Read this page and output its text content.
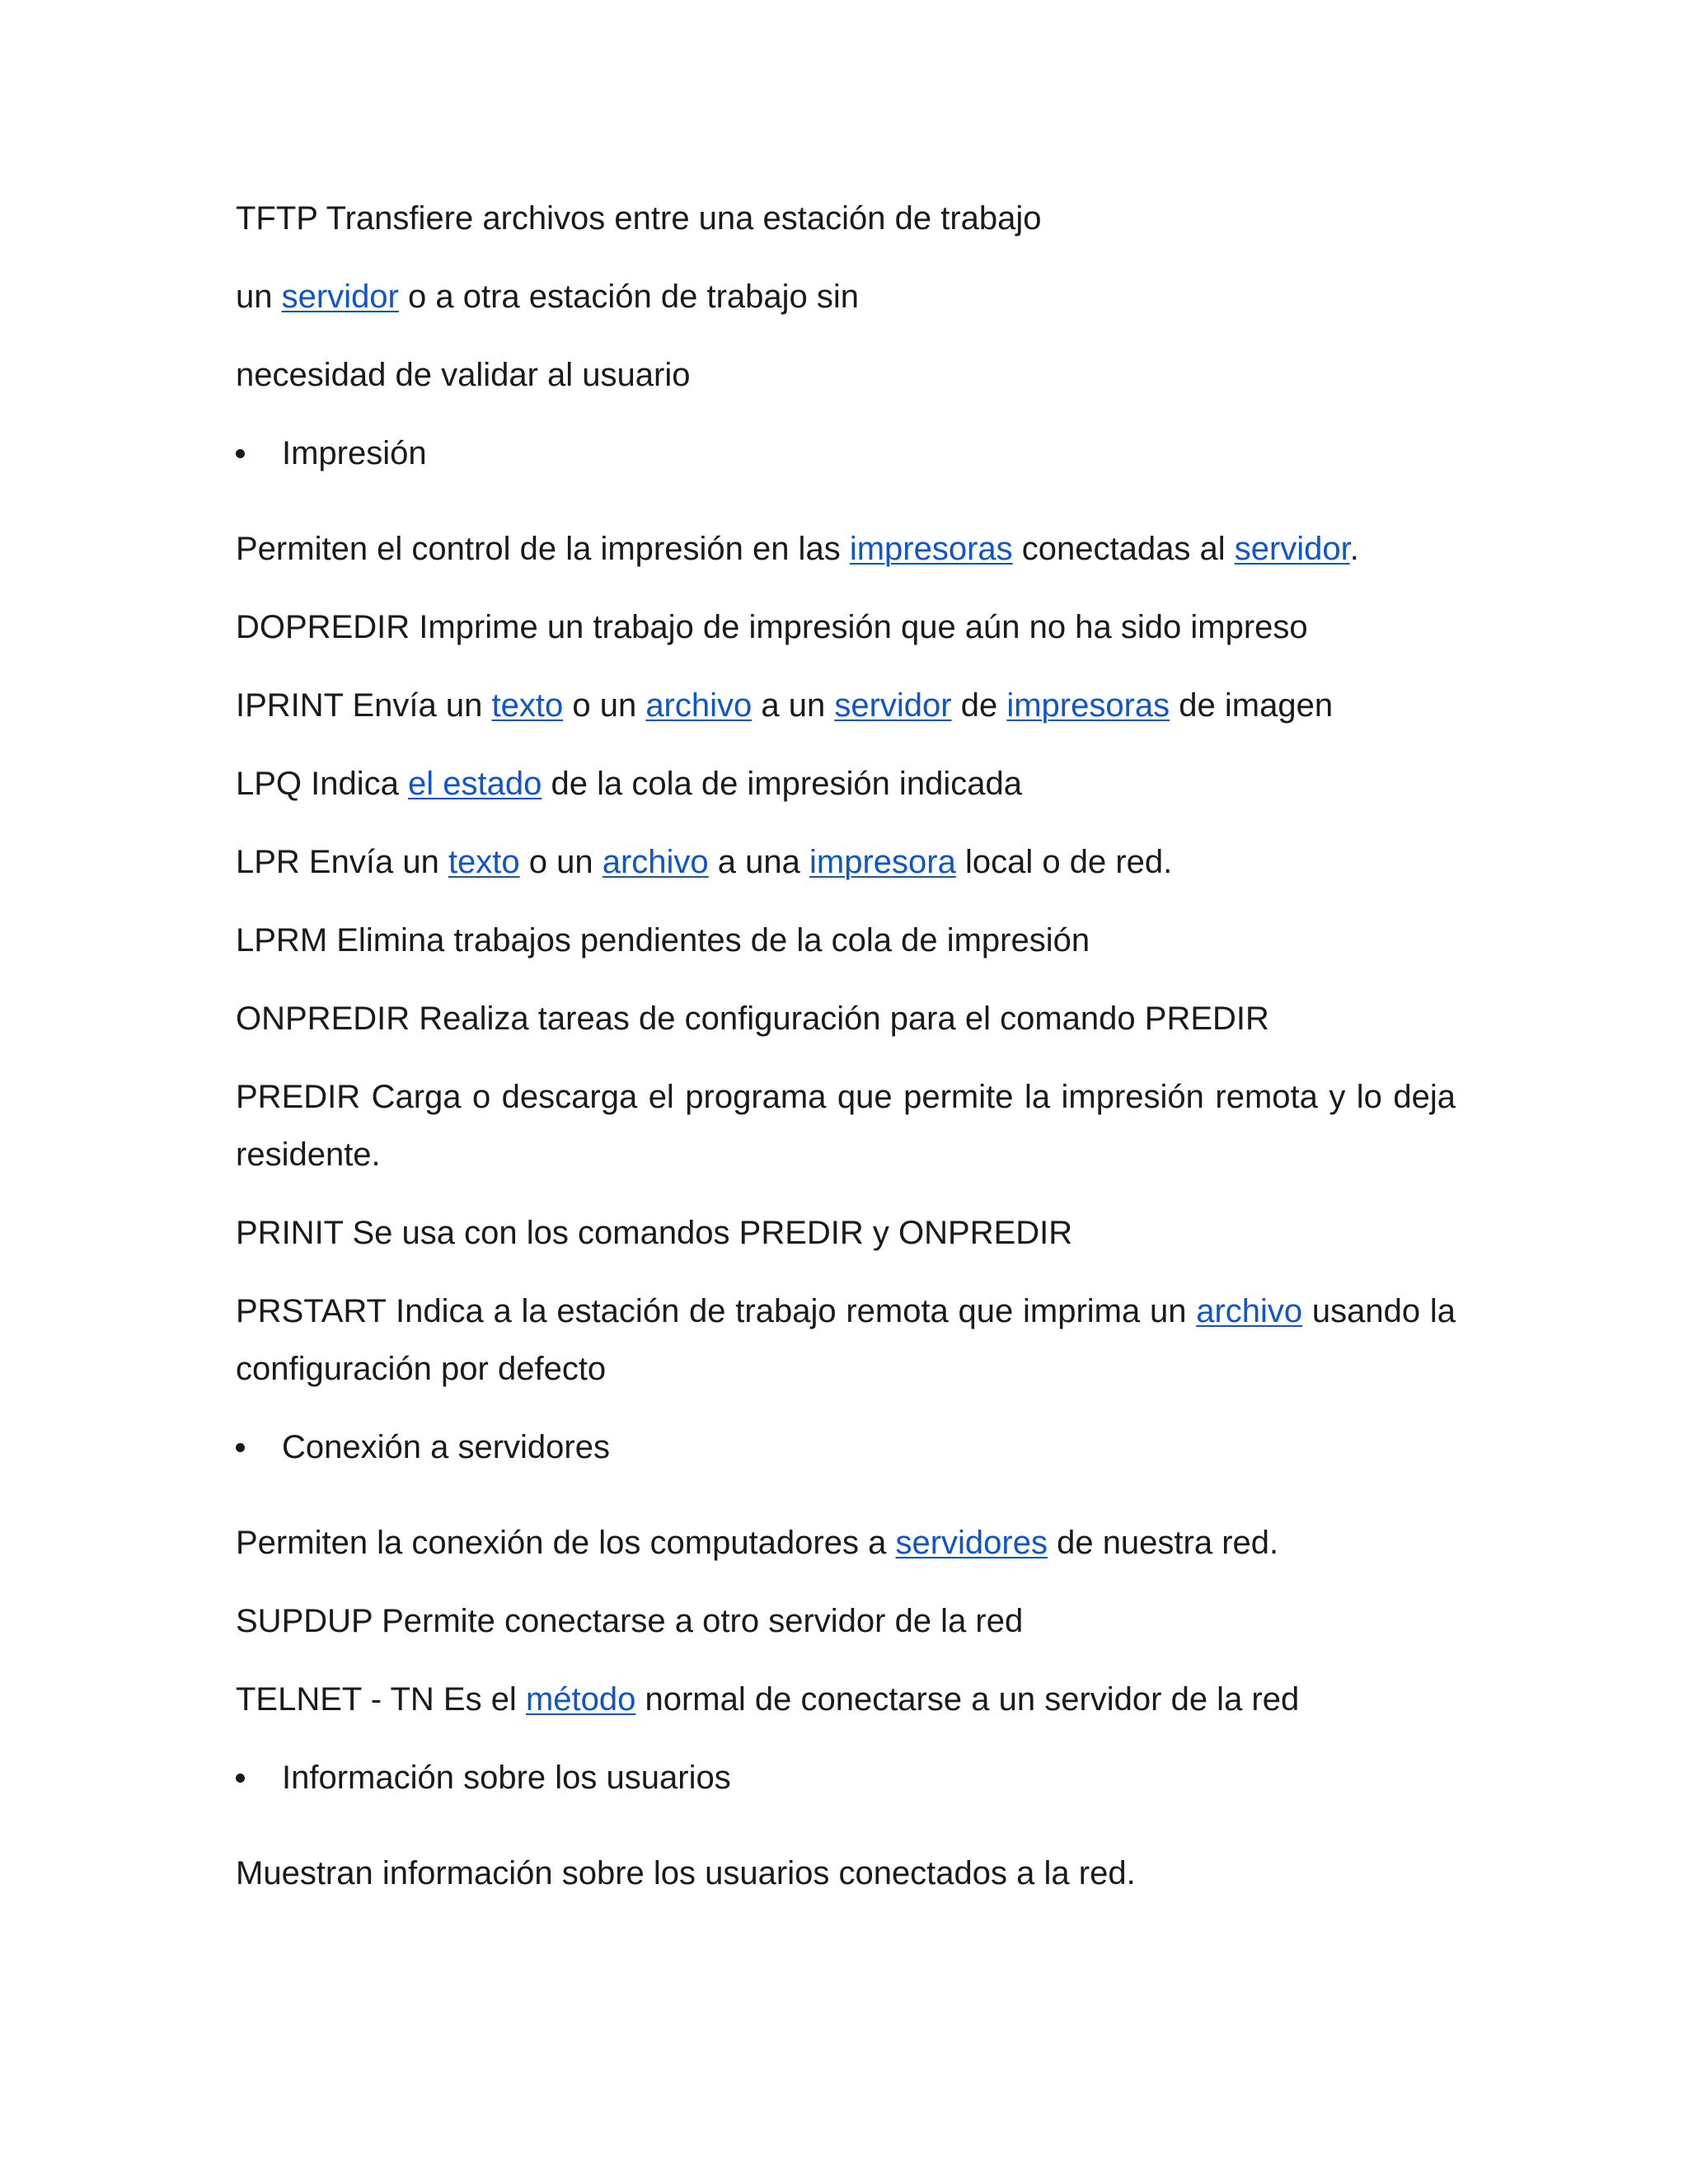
TFTP Transfiere archivos entre una estación de trabajo

un servidor o a otra estación de trabajo sin

necesidad de validar al usuario

Impresión

Permiten el control de la impresión en las impresoras conectadas al servidor.

DOPREDIR Imprime un trabajo de impresión que aún no ha sido impreso

IPRINT Envía un texto o un archivo a un servidor de impresoras de imagen

LPQ Indica el estado de la cola de impresión indicada

LPR Envía un texto o un archivo a una impresora local o de red.

LPRM Elimina trabajos pendientes de la cola de impresión

ONPREDIR Realiza tareas de configuración para el comando PREDIR

PREDIR Carga o descarga el programa que permite la impresión remota y lo deja residente.

PRINIT Se usa con los comandos PREDIR y ONPREDIR

PRSTART Indica a la estación de trabajo remota que imprima un archivo usando la configuración por defecto

Conexión a servidores

Permiten la conexión de los computadores a servidores de nuestra red.

SUPDUP Permite conectarse a otro servidor de la red

TELNET - TN Es el método normal de conectarse a un servidor de la red

Información sobre los usuarios

Muestran información sobre los usuarios conectados a la red.
